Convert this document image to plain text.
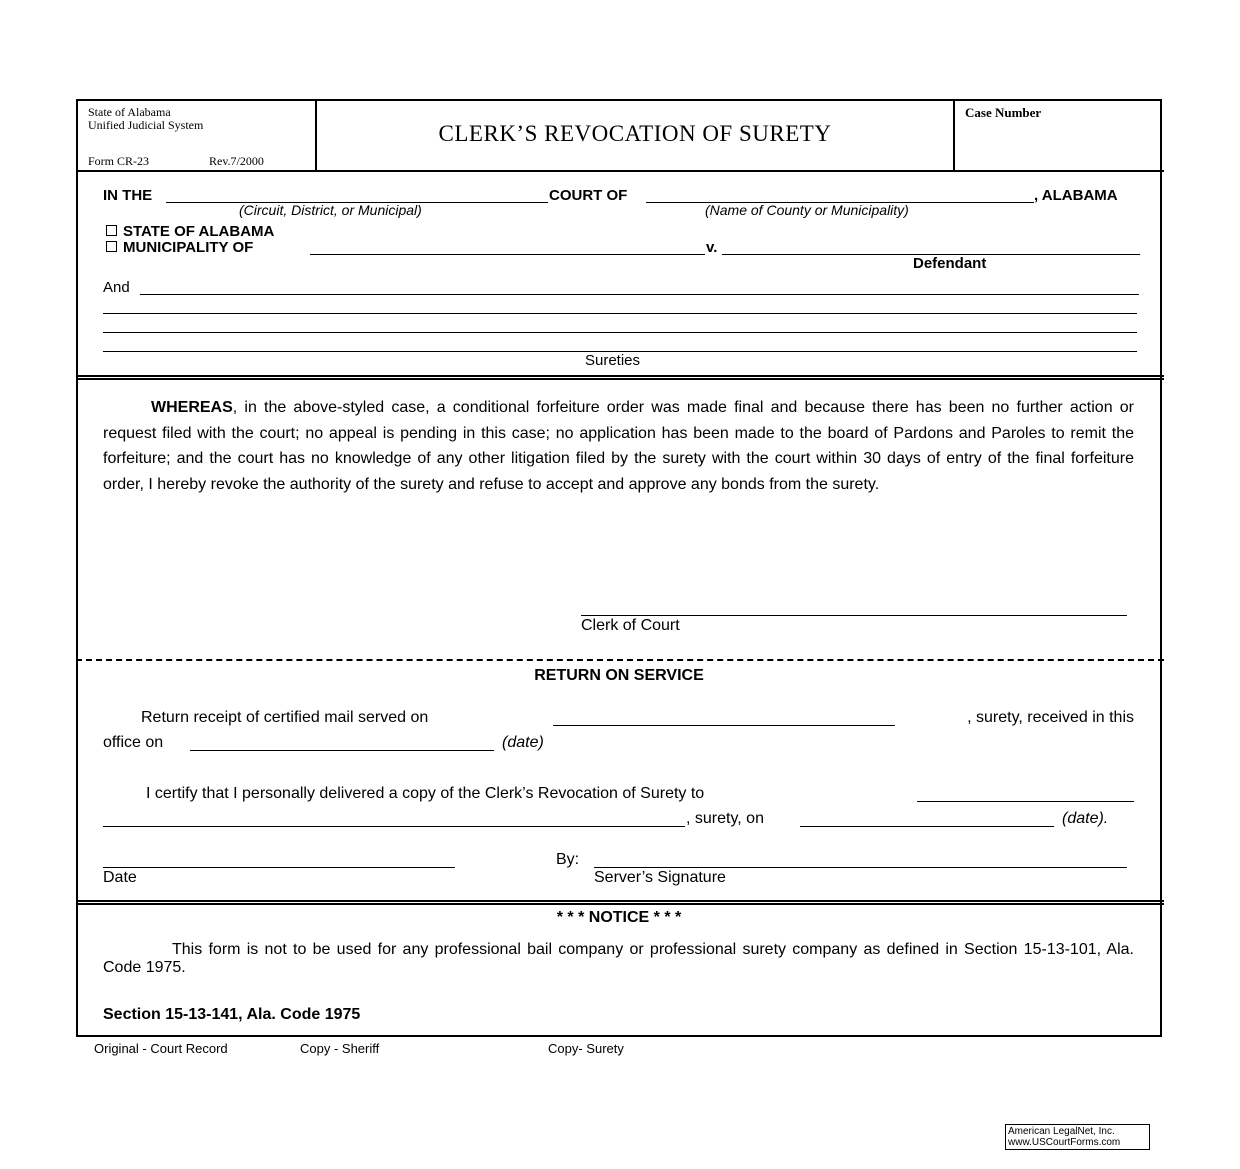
State of Alabama
Unified Judicial System
Form CR-23	Rev.7/2000
CLERK’S REVOCATION OF SURETY
Case Number
IN THE	COURT OF	, ALABAMA
(Circuit, District, or Municipal)	(Name of County or Municipality)
STATE OF ALABAMA
MUNICIPALITY OF	v.
Defendant
And
Sureties
WHEREAS, in the above-styled case, a conditional forfeiture order was made final and because there has been no further action or request filed with the court; no appeal is pending in this case; no application has been made to the board of Pardons and Paroles to remit the forfeiture; and the court has no knowledge of any other litigation filed by the surety with the court within 30 days of entry of the final forfeiture order, I hereby revoke the authority of the surety and refuse to accept and approve any bonds from the surety.
Clerk of Court
RETURN ON SERVICE
Return receipt of certified mail served on	, surety, received in this
office on	(date)
I certify that I personally delivered a copy of the Clerk’s Revocation of Surety to
, surety, on	(date).
Date
By:
Server’s Signature
* * * NOTICE * * *
This form is not to be used for any professional bail company or professional surety company as defined in Section 15-13-101, Ala. Code 1975.
Section 15-13-141, Ala. Code 1975
Original - Court Record	Copy - Sheriff	Copy- Surety
American LegalNet, Inc.
www.USCourtForms.com
